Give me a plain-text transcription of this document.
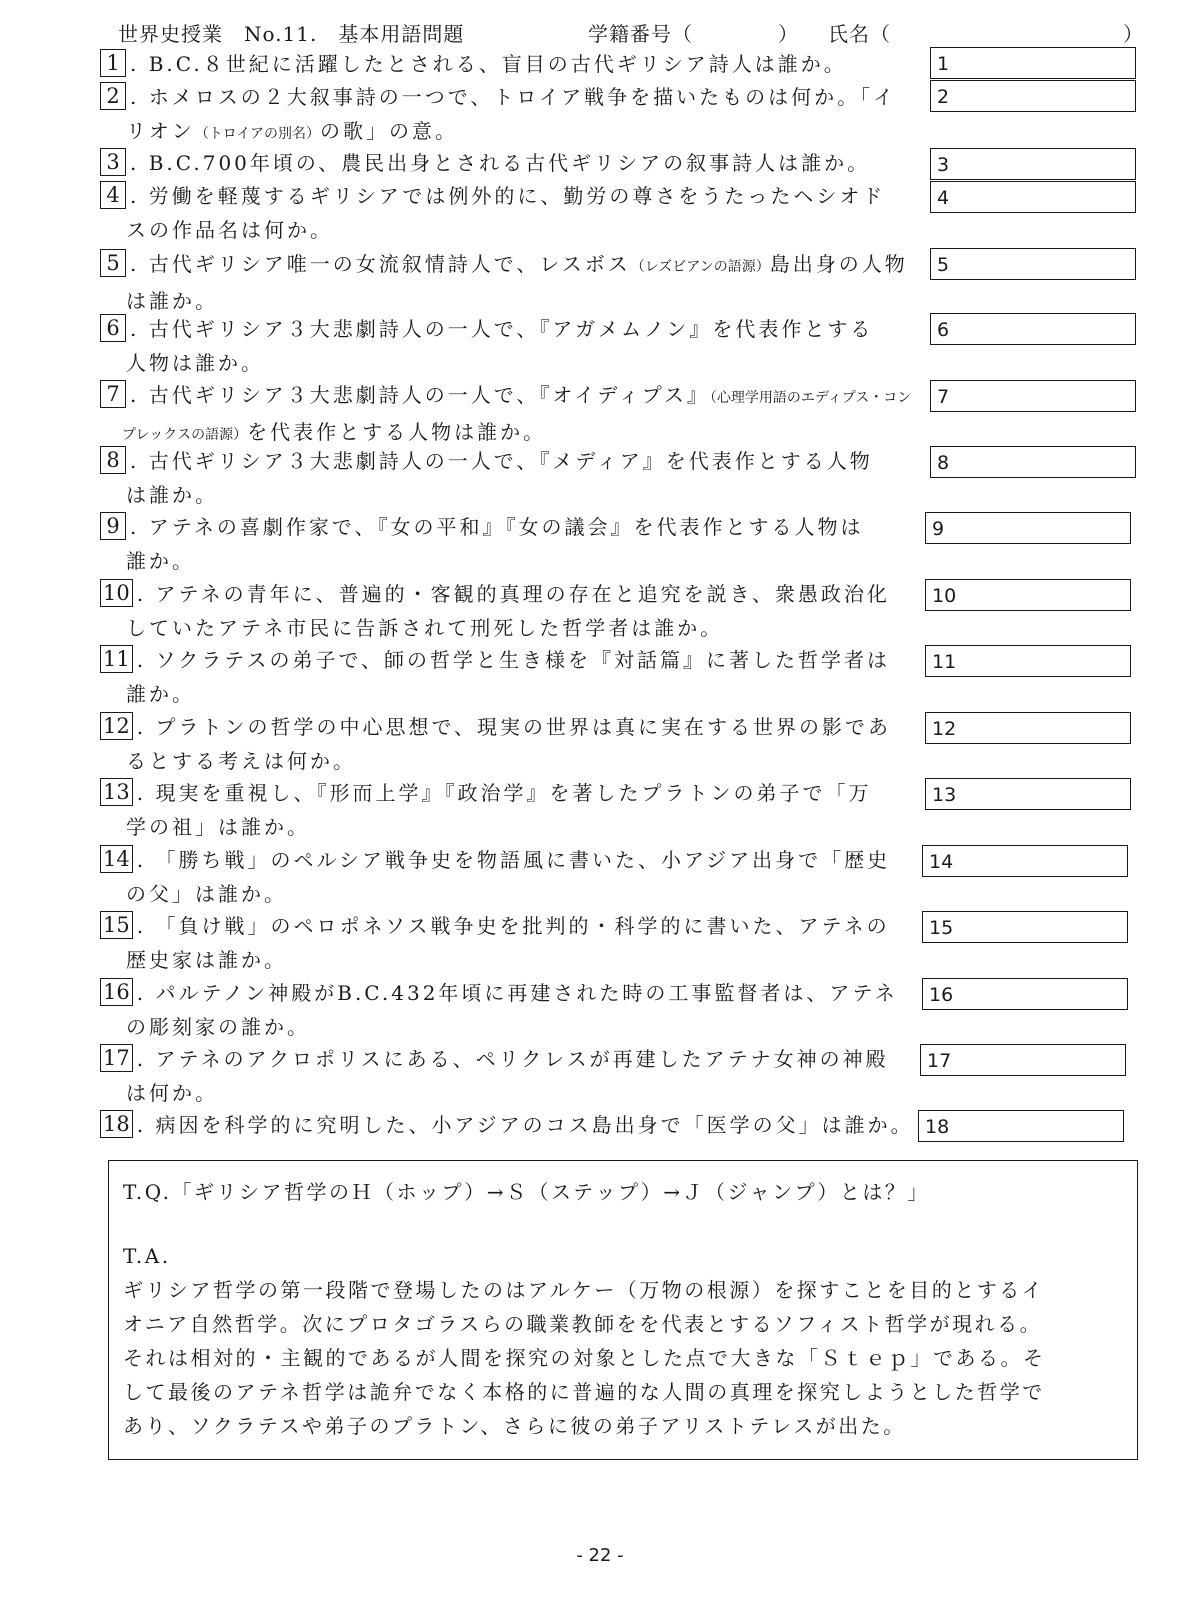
世界史授業　No.11.　基本用語問題	学籍番号（	） 氏名（	）
1 . B.C.８世紀に活躍したとされる、盲目の古代ギリシア詩人は誰か。	1
2 . ホメロスの２大叙事詩の一つで、トロイア戦争を描いたものは何か。「イ
リオン（トロイアの別名）の歌」の意。
2
3 . B.C.700年頃の、農民出身とされる古代ギリシアの叙事詩人は誰か。	3
4 . 労働を軽蔑するギリシアでは例外的に、勤労の尊さをうたったヘシオド
スの作品名は何か。
4
5 . 古代ギリシア唯一の女流叙情詩人で、レスボス（レズビアンの語源）島出身の人物
は誰か。
5
6 . 古代ギリシア３大悲劇詩人の一人で、『アガメムノン』を代表作とする
人物は誰か。
6
7 . 古代ギリシア３大悲劇詩人の一人で、『オイディプス』（心理学用語のエディプス・コン
プレックスの語源）を代表作とする人物は誰か。
7
8 . 古代ギリシア３大悲劇詩人の一人で、『メディア』を代表作とする人物
は誰か。
8
9 . アテネの喜劇作家で、『女の平和』『女の議会』を代表作とする人物は
誰か。
9
10 . アテネの青年に、普遍的・客観的真理の存在と追究を説き、衆愚政治化
していたアテネ市民に告訴されて刑死した哲学者は誰か。
10
11 . ソクラテスの弟子で、師の哲学と生き様を『対話篇』に著した哲学者は
誰か。
11
12 . プラトンの哲学の中心思想で、現実の世界は真に実在する世界の影であ
るとする考えは何か。
12
13 . 現実を重視し、『形而上学』『政治学』を著したプラトンの弟子で「万
学の祖」は誰か。
13
14 . 「勝ち戦」のペルシア戦争史を物語風に書いた、小アジア出身で「歴史
の父」は誰か。
14
15 . 「負け戦」のペロポネソス戦争史を批判的・科学的に書いた、アテネの
歴史家は誰か。
15
16 . パルテノン神殿がB.C.432年頃に再建された時の工事監督者は、アテネ
の彫刻家の誰か。
16
17 . アテネのアクロポリスにある、ペリクレスが再建したアテナ女神の神殿
は何か。
17
18 . 病因を科学的に究明した、小アジアのコス島出身で「医学の父」は誰か。 18
T.Q.「ギリシア哲学のＨ（ホップ）→Ｓ（ステップ）→Ｊ（ジャンプ）とは？」
T.A.
ギリシア哲学の第一段階で登場したのはアルケー（万物の根源）を探すことを目的とするイ
オニア自然哲学。次にプロタゴラスらの職業教師をを代表とするソフィスト哲学が現れる。
それは相対的・主観的であるが人間を探究の対象とした点で大きな「Ｓｔｅｐ」である。そ
して最後のアテネ哲学は詭弁でなく本格的に普遍的な人間の真理を探究しようとした哲学で
あり、ソクラテスや弟子のプラトン、さらに彼の弟子アリストテレスが出た。
- 22 -
